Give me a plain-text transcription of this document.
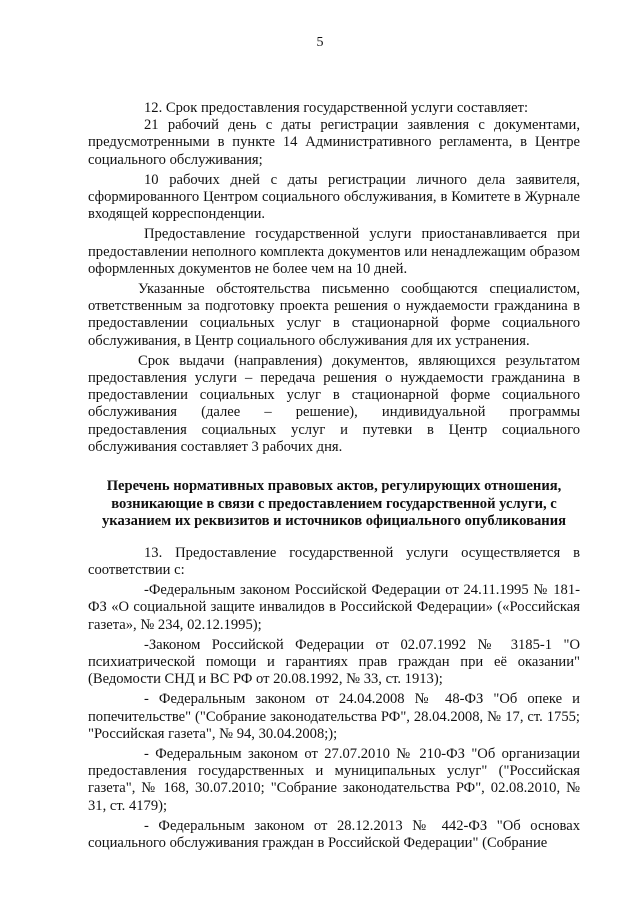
5

12. Срок предоставления государственной услуги составляет:

21 рабочий день с даты регистрации заявления с документами, предусмотренными в пункте 14 Административного регламента, в Центре социального обслуживания;

10 рабочих дней с даты регистрации личного дела заявителя, сформированного Центром социального обслуживания, в Комитете в Журнале входящей корреспонденции.

Предоставление государственной услуги приостанавливается при предоставлении неполного комплекта документов или ненадлежащим образом оформленных документов не более чем на 10 дней.

Указанные обстоятельства письменно сообщаются специалистом, ответственным за подготовку проекта решения о нуждаемости гражданина в предоставлении социальных услуг в стационарной форме социального обслуживания, в Центр социального обслуживания для их устранения.

Срок выдачи (направления) документов, являющихся результатом предоставления услуги – передача решения о нуждаемости гражданина в предоставлении социальных услуг в стационарной форме социального обслуживания (далее – решение), индивидуальной программы предоставления социальных услуг и путевки в Центр социального обслуживания составляет 3 рабочих дня.

Перечень нормативных правовых актов, регулирующих отношения, возникающие в связи с предоставлением государственной услуги, с указанием их реквизитов и источников официального опубликования

13. Предоставление государственной услуги осуществляется в соответствии с:

-Федеральным законом Российской Федерации от 24.11.1995 № 181-ФЗ «О социальной защите инвалидов в Российской Федерации» («Российская газета», № 234, 02.12.1995);

-Законом Российской Федерации от 02.07.1992 № 3185-1 "О психиатрической помощи и гарантиях прав граждан при её оказании" (Ведомости СНД и ВС РФ от 20.08.1992, № 33, ст. 1913);

- Федеральным законом от 24.04.2008 № 48-ФЗ "Об опеке и попечительстве" ("Собрание законодательства РФ", 28.04.2008, № 17, ст. 1755; "Российская газета", № 94, 30.04.2008;);

- Федеральным законом от 27.07.2010 № 210-ФЗ "Об организации предоставления государственных и муниципальных услуг" ("Российская газета", № 168, 30.07.2010; "Собрание законодательства РФ", 02.08.2010, № 31, ст. 4179);

- Федеральным законом от 28.12.2013 № 442-ФЗ "Об основах социального обслуживания граждан в Российской Федерации" (Собрание
